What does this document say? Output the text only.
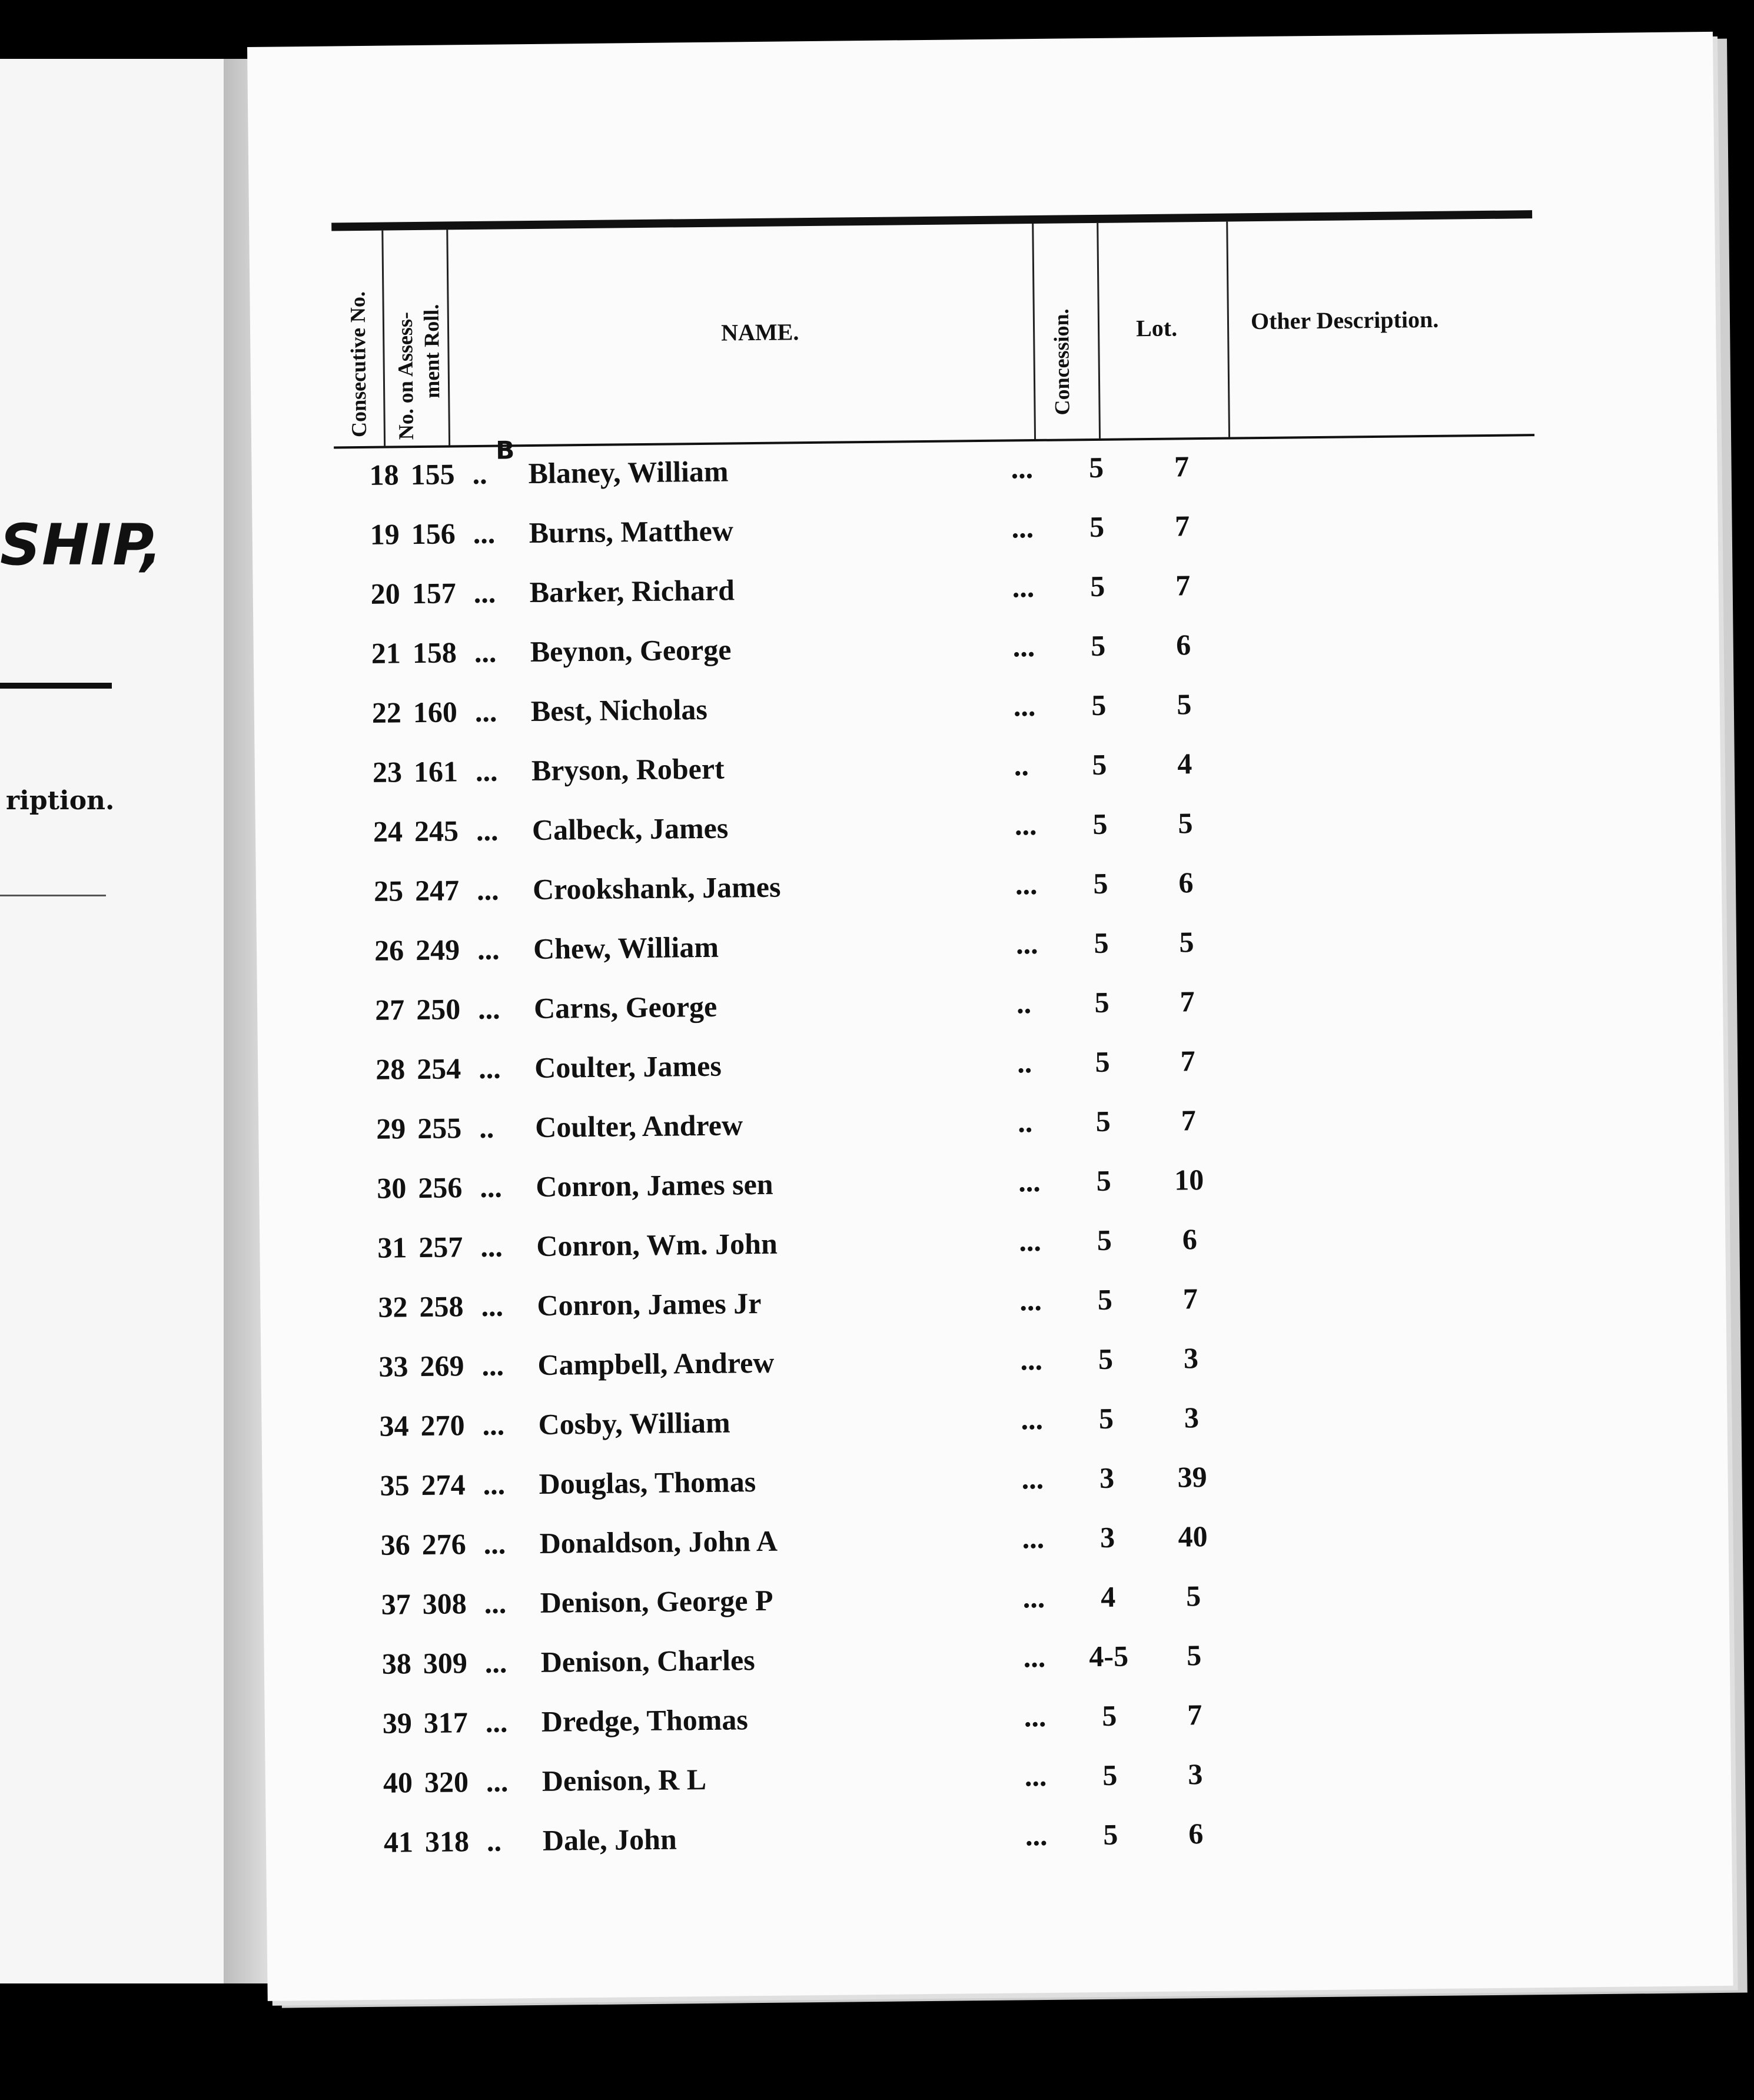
SHIP,
ription.
Consecutive No. No. on Assess- ment Roll.	NAME.	Concession.	Lot.	Other Description.
B
18 155 .. Blaney, William	...	5	7
19 156 ... Burns, Matthew	...	5	7
20 157 ... Barker, Richard	...	5	7
21 158 ... Beynon, George	...	5	6
22 160 ... Best, Nicholas	...	5	5
23 161 ... Bryson, Robert	..	5	4
24 245 ... Calbeck, James	...	5	5
25 247 ... Crookshank, James	...	5	6
26 249 ... Chew, William	...	5	5
27 250 ... Carns, George	..	5	7
28 254 ... Coulter, James	..	5	7
29 255 .. Coulter, Andrew	..	5	7
30 256 ... Conron, James sen	...	5	10
31 257 ... Conron, Wm. John	...	5	6
32 258 ... Conron, James Jr	...	5	7
33 269 ... Campbell, Andrew	...	5	3
34 270 ... Cosby, William	...	5	3
35 274 ... Douglas, Thomas	...	3	39
36 276 ... Donaldson, John A	...	3	40
37 308 ... Denison, George P	...	4	5
38 309 ... Denison, Charles	...	4-5	5
39 317 ... Dredge, Thomas	...	5	7
40 320 ... Denison, R L	...	5	3
41 318 .. Dale, John	...	5	6
